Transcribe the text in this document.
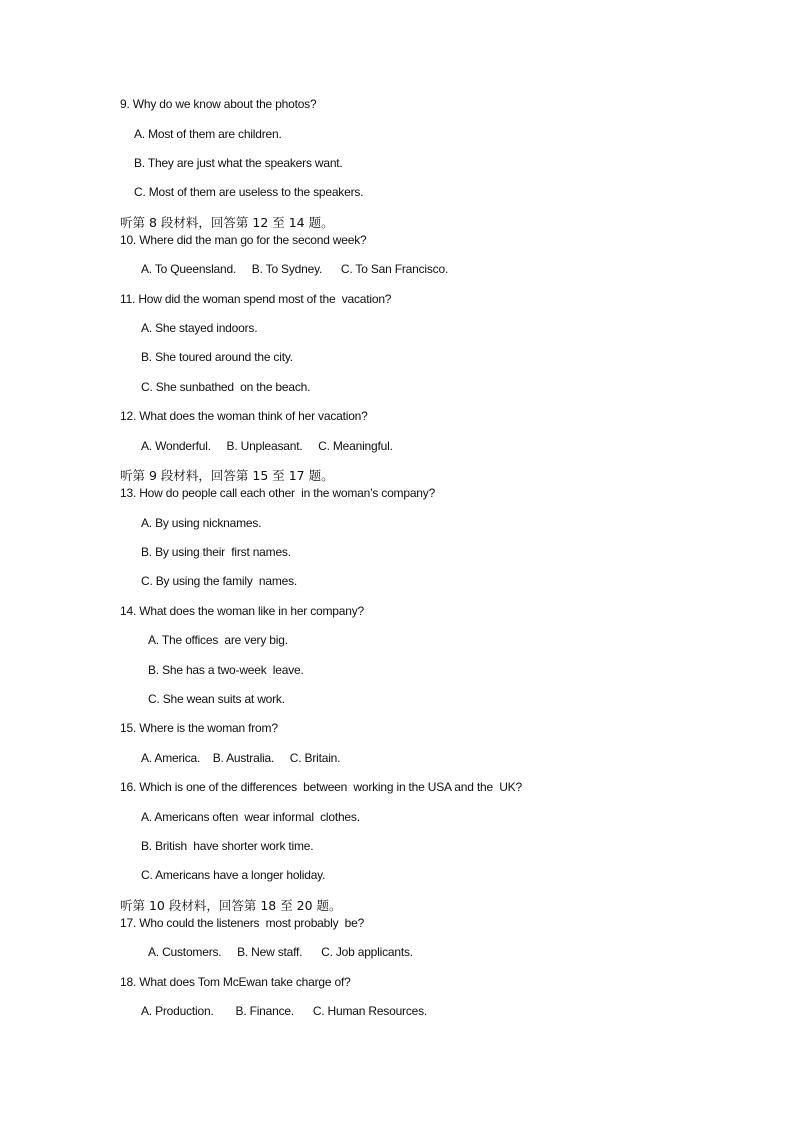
9. Why do we know about the photos?
A. Most of them are children.
B. They are just what the speakers want.
C. Most of them are useless to the speakers.
听第 8 段材料，回答第 12 至 14 题。
10. Where did the man go for the second week?
A. To Queensland.     B. To Sydney.      C. To San Francisco.
11. How did the woman spend most of the  vacation?
A. She stayed indoors.
B. She toured around the city.
C. She sunbathed  on the beach.
12. What does the woman think of her vacation?
A. Wonderful.     B. Unpleasant.     C. Meaningful.
听第 9 段材料，回答第 15 至 17 题。
13. How do people call each other  in the woman’s company?
A. By using nicknames.
B. By using their  first names.
C. By using the family  names.
14. What does the woman like in her company?
A. The offices  are very big.
B. She has a two-week  leave.
C. She wean suits at work.
15. Where is the woman from?
A. America.    B. Australia.     C. Britain.
16. Which is one of the differences  between  working in the USA and the  UK?
A. Americans often  wear informal  clothes.
B. British  have shorter work time.
C. Americans have a longer holiday.
听第 10 段材料，回答第 18 至 20 题。
17. Who could the listeners  most probably  be?
A. Customers.     B. New staff.      C. Job applicants.
18. What does Tom McEwan take charge of?
A. Production.       B. Finance.      C. Human Resources.
